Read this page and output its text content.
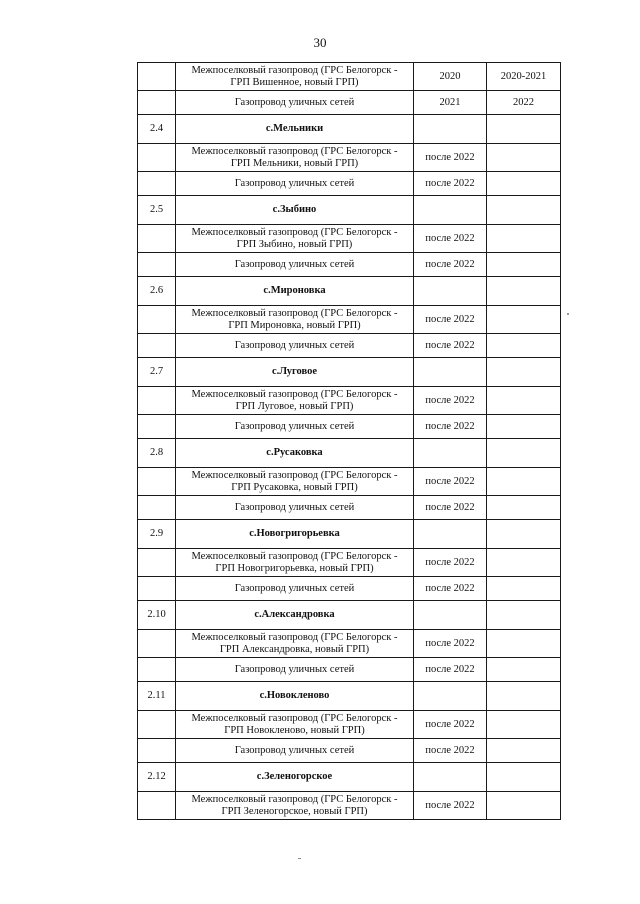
30
	Межпоселковый газопровод (ГРС Белогорск -
ГРП Вишенное, новый ГРП)	2020	2020-2021
	Газопровод уличных сетей	2021	2022
2.4	с.Мельники		
	Межпоселковый газопровод (ГРС Белогорск -
ГРП Мельники, новый ГРП)	после 2022	
	Газопровод уличных сетей	после 2022	
2.5	с.Зыбино		
	Межпоселковый газопровод (ГРС Белогорск -
ГРП Зыбино, новый ГРП)	после 2022	
	Газопровод уличных сетей	после 2022	
2.6	с.Мироновка		
	Межпоселковый газопровод (ГРС Белогорск -
ГРП Мироновка, новый ГРП)	после 2022	
	Газопровод уличных сетей	после 2022	
2.7	с.Луговое		
	Межпоселковый газопровод (ГРС Белогорск -
ГРП Луговое, новый ГРП)	после 2022	
	Газопровод уличных сетей	после 2022	
2.8	с.Русаковка		
	Межпоселковый газопровод (ГРС Белогорск -
ГРП Русаковка, новый ГРП)	после 2022	
	Газопровод уличных сетей	после 2022	
2.9	с.Новогригорьевка		
	Межпоселковый газопровод (ГРС Белогорск -
ГРП Новогригорьевка, новый ГРП)	после 2022	
	Газопровод уличных сетей	после 2022	
2.10	с.Александровка		
	Межпоселковый газопровод (ГРС Белогорск -
ГРП Александровка, новый ГРП)	после 2022	
	Газопровод уличных сетей	после 2022	
2.11	с.Новокленово		
	Межпоселковый газопровод (ГРС Белогорск -
ГРП Новокленово, новый ГРП)	после 2022	
	Газопровод уличных сетей	после 2022	
2.12	с.Зеленогорское		
	Межпоселковый газопровод (ГРС Белогорск -
ГРП Зеленогорское, новый ГРП)	после 2022	
